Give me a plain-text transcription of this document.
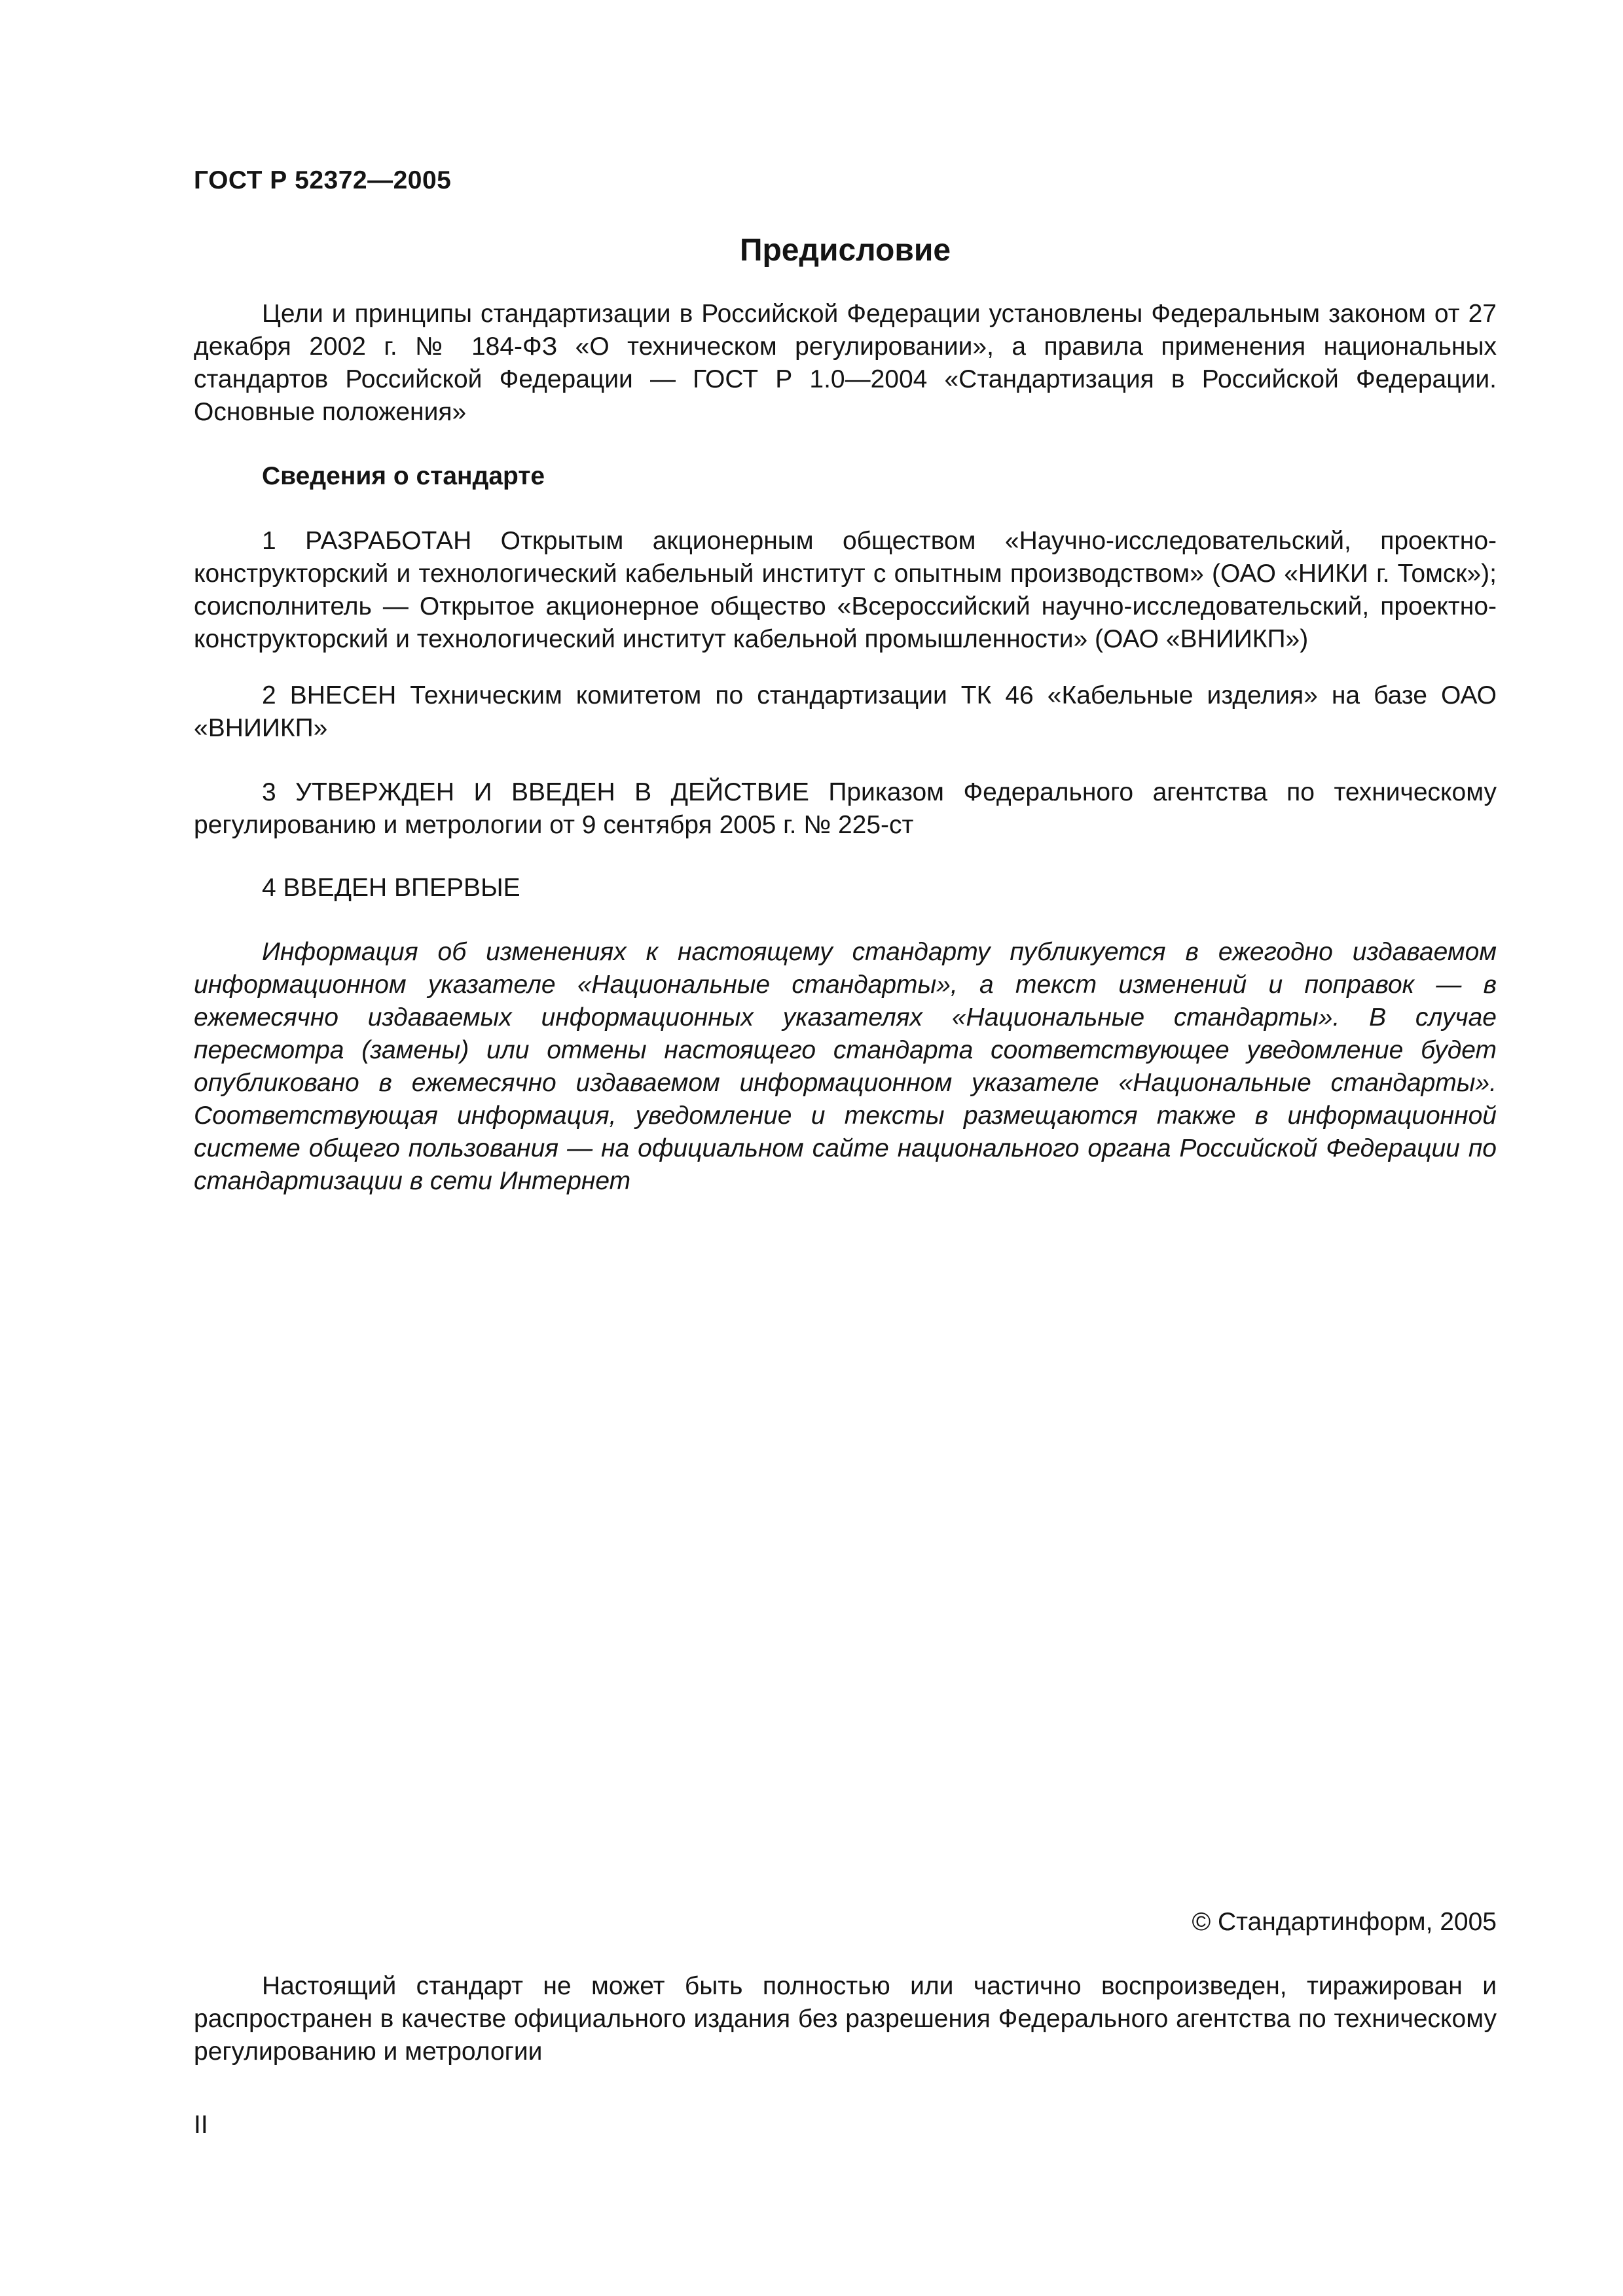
ГОСТ Р 52372—2005
Предисловие

Цели и принципы стандартизации в Российской Федерации установлены Федеральным законом от 27 декабря 2002 г. № 184-ФЗ «О техническом регулировании», а правила применения национальных стандартов Российской Федерации — ГОСТ Р 1.0—2004 «Стандартизация в Российской Федерации. Основные положения»

Сведения о стандарте

1 РАЗРАБОТАН Открытым акционерным обществом «Научно-исследовательский, проектно-конструкторский и технологический кабельный институт с опытным производством» (ОАО «НИКИ г. Томск»); соисполнитель — Открытое акционерное общество «Всероссийский научно-исследовательский, проектно-конструкторский и технологический институт кабельной промышленности» (ОАО «ВНИИКП»)

2 ВНЕСЕН Техническим комитетом по стандартизации ТК 46 «Кабельные изделия» на базе ОАО «ВНИИКП»

3 УТВЕРЖДЕН И ВВЕДЕН В ДЕЙСТВИЕ Приказом Федерального агентства по техническому регулированию и метрологии от 9 сентября 2005 г. № 225-ст

4 ВВЕДЕН ВПЕРВЫЕ

Информация об изменениях к настоящему стандарту публикуется в ежегодно издаваемом информационном указателе «Национальные стандарты», а текст изменений и поправок — в ежемесячно издаваемых информационных указателях «Национальные стандарты». В случае пересмотра (замены) или отмены настоящего стандарта соответствующее уведомление будет опубликовано в ежемесячно издаваемом информационном указателе «Национальные стандарты». Соответствующая информация, уведомление и тексты размещаются также в информационной системе общего пользования — на официальном сайте национального органа Российской Федерации по стандартизации в сети Интернет

© Стандартинформ, 2005

Настоящий стандарт не может быть полностью или частично воспроизведен, тиражирован и распространен в качестве официального издания без разрешения Федерального агентства по техническому регулированию и метрологии

II
